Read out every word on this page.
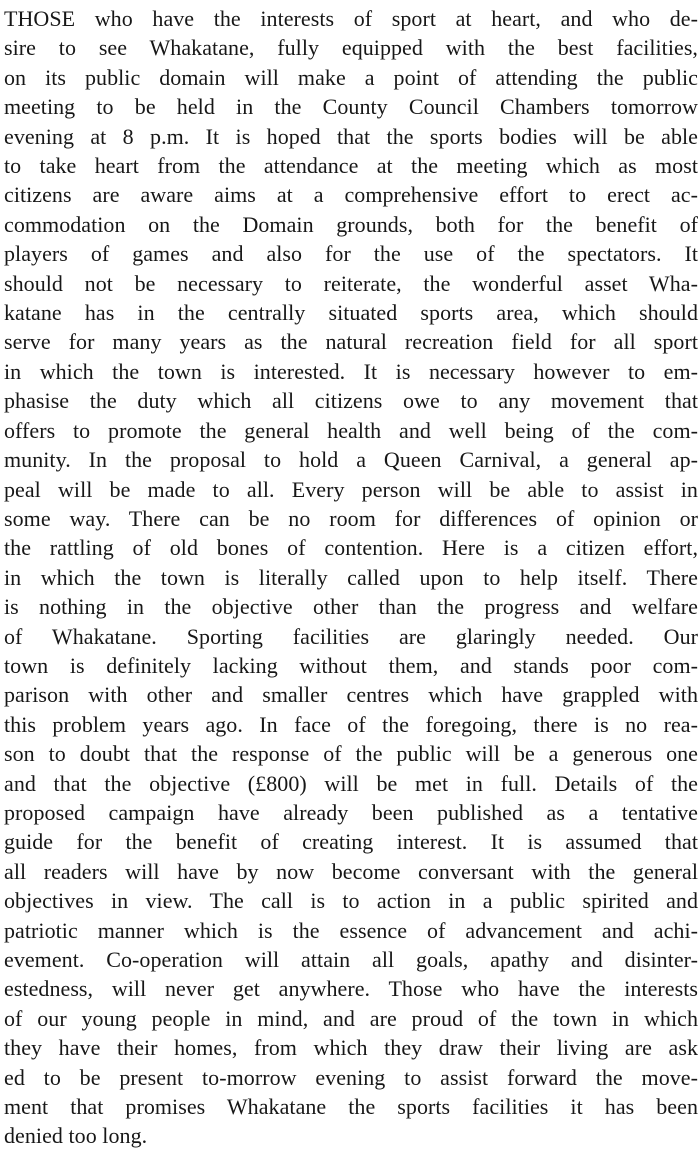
THOSE who have the interests of sport at heart, and who de-
sire to see Whakatane, fully equipped with the best facilities,
on its public domain will make a point of attending the public
meeting to be held in the County Council Chambers tomorrow
evening at 8 p.m. It is hoped that the sports bodies will be able
to take heart from the attendance at the meeting which as most
citizens are aware aims at a comprehensive effort to erect ac-
commodation on the Domain grounds, both for the benefit of
players of games and also for the use of the spectators. It
should not be necessary to reiterate, the wonderful asset Wha-
katane has in the centrally situated sports area, which should
serve for many years as the natural recreation field for all sport
in which the town is interested. It is necessary however to em-
phasise the duty which all citizens owe to any movement that
offers to promote the general health and well being of the com-
munity. In the proposal to hold a Queen Carnival, a general ap-
peal will be made to all. Every person will be able to assist in
some way. There can be no room for differences of opinion or
the rattling of old bones of contention. Here is a citizen effort,
in which the town is literally called upon to help itself. There
is nothing in the objective other than the progress and welfare
of Whakatane. Sporting facilities are glaringly needed. Our
town is definitely lacking without them, and stands poor com-
parison with other and smaller centres which have grappled with
this problem years ago. In face of the foregoing, there is no rea-
son to doubt that the response of the public will be a generous one
and that the objective (£800) will be met in full. Details of the
proposed campaign have already been published as a tentative
guide for the benefit of creating interest. It is assumed that
all readers will have by now become conversant with the general
objectives in view. The call is to action in a public spirited and
patriotic manner which is the essence of advancement and achi-
evement. Co-operation will attain all goals, apathy and disinter-
estedness, will never get anywhere. Those who have the interests
of our young people in mind, and are proud of the town in which
they have their homes, from which they draw their living are ask
ed to be present to-morrow evening to assist forward the move-
ment that promises Whakatane the sports facilities it has been
denied too long.
